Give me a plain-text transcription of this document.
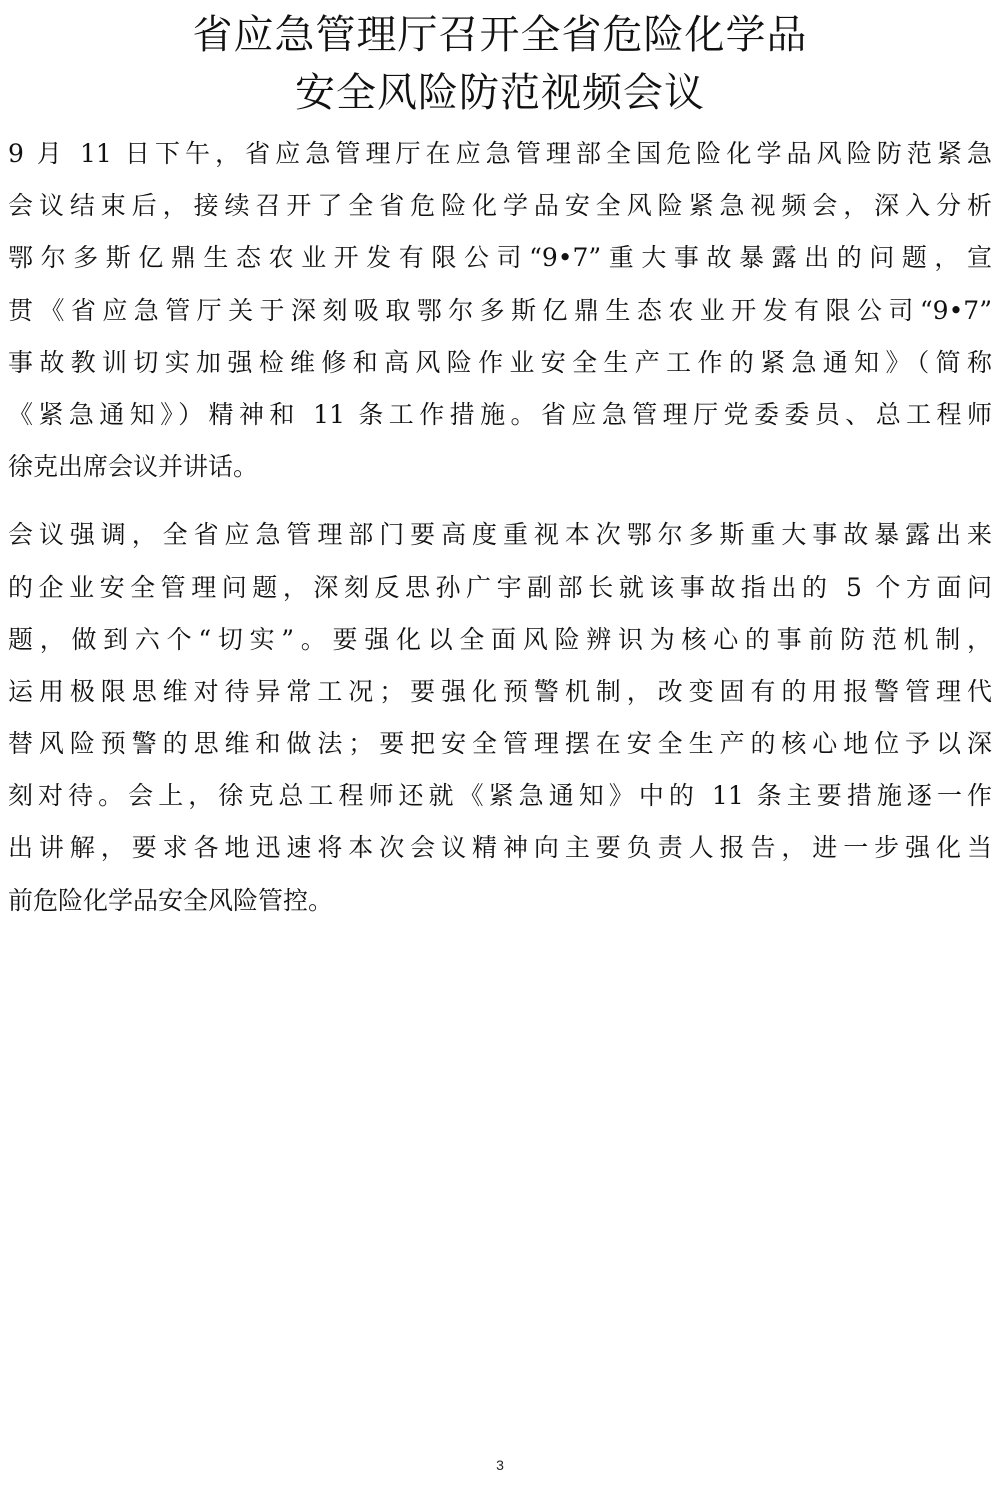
省应急管理厅召开全省危险化学品
安全风险防范视频会议
9 月 11 日下午，省应急管理厅在应急管理部全国危险化学品风险防范紧急
会议结束后，接续召开了全省危险化学品安全风险紧急视频会，深入分析
鄂尔多斯亿鼎生态农业开发有限公司“9•7”重大事故暴露出的问题，宣
贯《省应急管厅关于深刻吸取鄂尔多斯亿鼎生态农业开发有限公司“9•7”
事故教训切实加强检维修和高风险作业安全生产工作的紧急通知》（简称
《紧急通知》）精神和 11 条工作措施。省应急管理厅党委委员、总工程师
徐克出席会议并讲话。
会议强调，全省应急管理部门要高度重视本次鄂尔多斯重大事故暴露出来
的企业安全管理问题，深刻反思孙广宇副部长就该事故指出的 5 个方面问
题，做到六个“切实”。要强化以全面风险辨识为核心的事前防范机制，
运用极限思维对待异常工况；要强化预警机制，改变固有的用报警管理代
替风险预警的思维和做法；要把安全管理摆在安全生产的核心地位予以深
刻对待。会上，徐克总工程师还就《紧急通知》中的 11 条主要措施逐一作
出讲解，要求各地迅速将本次会议精神向主要负责人报告，进一步强化当
前危险化学品安全风险管控。
3
